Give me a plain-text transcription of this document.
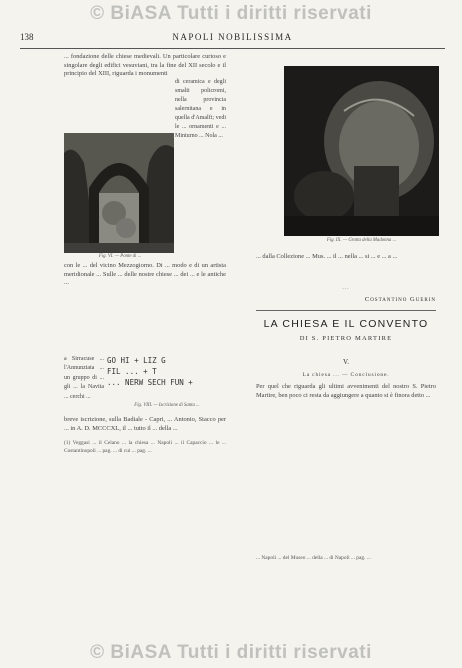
© BiASA Tutti i diritti riservati
138	NAPOLI NOBILISSIMA

... fondazione delle chiese medievali. Un particolare curioso e singolare degli edifici vesuviani, tra la fine del XII secolo e il principio del XIII, riguarda i monumenti

Fig. VI. — Ponte di ...

di ceramica e degli smalti policromi, nella provincia salernitana e in quella d'Amalfi; vedi le ... ornamenti e ... Minturno ... Nola ...

con le ... del vicino Mezzogiorno. Di ... modo e di un artista meridionale ... Sulle ... delle nostre chiese ... dei ... e le antiche ...

a Sirracuse ... l'Annunziata ... un gruppo di ... gli ... la Navita ... cerchi ...

GO HI + LIZ G
FIL ... + T
... NERW SECH FUN +
Fig. VIII. — Iscrizione di Santa ...

breve iscrizione, sulla Badiale - Capri, ... Antonio, Stacco per ... in A. D. MCCCXL, il ... tutto il ... della ...

(1) Veggasi ... il Celano ... la chiesa ... Napoli ... il Capaccio ... le ... Costantinopoli ... pag. ... di cui ... pag. ...
Fig. IX. — Grotta della Madonna ...

... dalla Collezione ... Mus. ... il ... nella ... si ... e ... a ...

...
Costantino Guerin
LA CHIESA E IL CONVENTO
DI S. PIETRO MARTIRE
V.
La chiesa ... — Conclusione.

Per quel che riguarda gli ultimi avvenimenti del nostro S. Pietro Martire, ben poco ci resta da aggiungere a quanto si è finora detto ...

... Napoli ... del Museo ... della ... di Napoli ... pag. ...
© BiASA Tutti i diritti riservati
